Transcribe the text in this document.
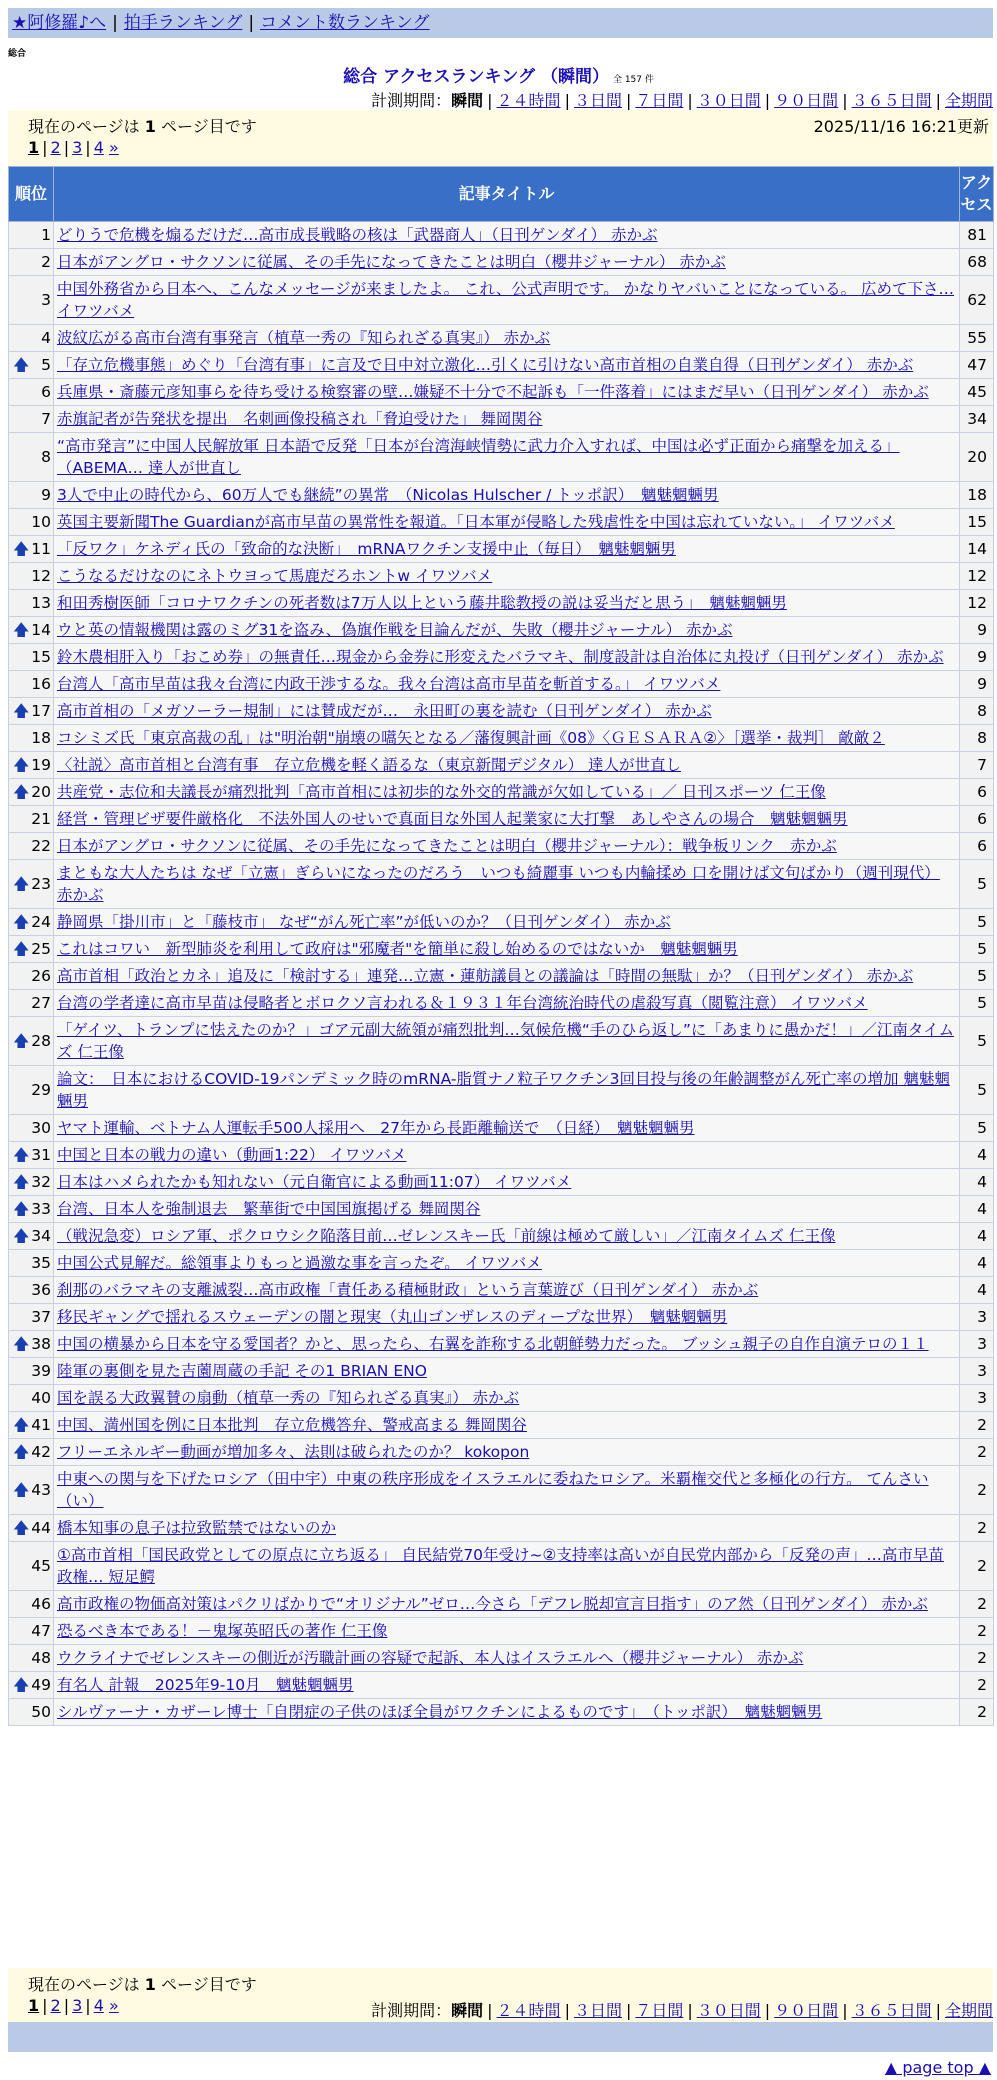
★阿修羅♪へ | 拍手ランキング | コメント数ランキング
総合
総合 アクセスランキング （瞬間） 全 157 件
計測期間：瞬間 | ２４時間 | ３日間 | ７日間 | ３０日間 | ９０日間 | ３６５日間 | 全期間
現在のページは 1 ページ目です	2025/11/16 16:21更新
1 | 2 | 3 | 4 »
順位	記事タイトル	アクセス
1	どりうで危機を煽るだけだ…高市成長戦略の核は「武器商人」（日刊ゲンダイ） 赤かぶ	81
2	日本がアングロ・サクソンに従属、その手先になってきたことは明白（櫻井ジャーナル） 赤かぶ	68
3	中国外務省から日本へ、こんなメッセージが来ましたよ。 これ、公式声明です。 かなりヤバいことになっている。 広めて下さ… イワツバメ	62
4	波紋広がる高市台湾有事発言（植草一秀の『知られざる真実』） 赤かぶ	55

🡅 5	「存立危機事態」めぐり「台湾有事」に言及で日中対立激化…引くに引けない高市首相の自業自得（日刊ゲンダイ） 赤かぶ	47
6	兵庫県・斎藤元彦知事らを待ち受ける検察審の壁…嫌疑不十分で不起訴も「一件落着」にはまだ早い（日刊ゲンダイ） 赤かぶ	45
7	赤旗記者が告発状を提出　名刺画像投稿され「脅迫受けた」 舞岡関谷	34
8	“高市発言”に中国人民解放軍 日本語で反発「日本が台湾海峡情勢に武力介入すれば、中国は必ず正面から痛撃を加える」（ABEMA… 達人が世直し	20
9	3人で中止の時代から、60万人でも継続”の異常　（Nicolas Hulscher / トッポ訳）　魑魅魍魎男	18
10	英国主要新聞The Guardianが高市早苗の異常性を報道。「日本軍が侵略した残虐性を中国は忘れていない。」 イワツバメ	15

🡅 11	「反ワク」ケネディ氏の「致命的な決断」　mRNAワクチン支援中止（毎日）　魑魅魍魎男	14
12	こうなるだけなのにネトウヨって馬鹿だろホントw イワツバメ	12
13	和田秀樹医師「コロナワクチンの死者数は7万人以上という藤井聡教授の説は妥当だと思う」　魑魅魍魎男	12

🡅 14	ウと英の情報機関は露のミグ31を盗み、偽旗作戦を目論んだが、失敗（櫻井ジャーナル） 赤かぶ	9
15	鈴木農相肝入り「おこめ券」の無責任…現金から金券に形変えたバラマキ、制度設計は自治体に丸投げ（日刊ゲンダイ） 赤かぶ	9
16	台湾人「高市早苗は我々台湾に内政干渉するな。我々台湾は高市早苗を斬首する。」 イワツバメ	9

🡅 17	高市首相の「メガソーラー規制」には賛成だが…　永田町の裏を読む（日刊ゲンダイ） 赤かぶ	8
18	コシミズ氏「東京高裁の乱」は"明治朝"崩壊の嚆矢となる／藩復興計画《08》〈ＧＥＳＡＲＡ②〉［選挙・裁判］ 敵敵２	8

🡅 19	〈社説〉高市首相と台湾有事　存立危機を軽く語るな（東京新聞デジタル） 達人が世直し	7

🡅 20	共産党・志位和夫議長が痛烈批判「高市首相には初歩的な外交的常識が欠如している」／ 日刊スポーツ 仁王像	6
21	経営・管理ビザ要件厳格化　不法外国人のせいで真面目な外国人起業家に大打撃　あしやさんの場合　魑魅魍魎男	6
22	日本がアングロ・サクソンに従属、その手先になってきたことは明白（櫻井ジャーナル）：戦争板リンク　赤かぶ	6

🡅 23	まともな大人たちは なぜ「立憲」ぎらいになったのだろう　いつも綺麗事 いつも内輪揉め 口を開けば文句ばかり（週刊現代） 赤かぶ	5

🡅 24	静岡県「掛川市」と「藤枝市」 なぜ“がん死亡率”が低いのか？（日刊ゲンダイ） 赤かぶ	5

🡅 25	これはコワい　新型肺炎を利用して政府は"邪魔者"を簡単に殺し始めるのではないか　魑魅魍魎男	5
26	高市首相「政治とカネ」追及に「検討する」連発…立憲・蓮舫議員との議論は「時間の無駄」か？（日刊ゲンダイ） 赤かぶ	5
27	台湾の学者達に高市早苗は侵略者とボロクソ言われる＆１９３１年台湾統治時代の虐殺写真（閲覧注意） イワツバメ	5

🡅 28	「ゲイツ、トランプに怯えたのか？」ゴア元副大統領が痛烈批判…気候危機“手のひら返し”に「あまりに愚かだ！」／江南タイムズ 仁王像	5
29	論文：　日本におけるCOVID-19パンデミック時のmRNA-脂質ナノ粒子ワクチン3回目投与後の年齢調整がん死亡率の増加 魑魅魍魎男	5
30	ヤマト運輸、ベトナム人運転手500人採用へ　27年から長距離輸送で　（日経）　魑魅魍魎男	5

🡅 31	中国と日本の戦力の違い（動画1:22） イワツバメ	4

🡅 32	日本はハメられたかも知れない（元自衛官による動画11:07） イワツバメ	4

🡅 33	台湾、日本人を強制退去　繁華街で中国国旗掲げる 舞岡関谷	4

🡅 34	（戦況急変）ロシア軍、ポクロウシク陥落目前…ゼレンスキー氏「前線は極めて厳しい」／江南タイムズ 仁王像	4
35	中国公式見解だ。総領事よりもっと過激な事を言ったぞ。 イワツバメ	4
36	刹那のバラマキの支離滅裂…高市政権「責任ある積極財政」という言葉遊び（日刊ゲンダイ） 赤かぶ	4
37	移民ギャングで揺れるスウェーデンの闇と現実（丸山ゴンザレスのディープな世界）　魑魅魍魎男	3

🡅 38	中国の横暴から日本を守る愛国者？かと、思ったら、右翼を詐称する北朝鮮勢力だった。 ブッシュ親子の自作自演テロの１１	3
39	陸軍の裏側を見た吉薗周蔵の手記 その1 BRIAN ENO	3
40	国を誤る大政翼賛の扇動（植草一秀の『知られざる真実』） 赤かぶ	3

🡅 41	中国、満州国を例に日本批判　存立危機答弁、警戒高まる 舞岡関谷	2

🡅 42	フリーエネルギー動画が増加多々、法則は破られたのか？ kokopon	2

🡅 43	中東への関与を下げたロシア（田中宇）中東の秩序形成をイスラエルに委ねたロシア。米覇権交代と多極化の行方。 てんさい（い）	2

🡅 44	橋本知事の息子は拉致監禁ではないのか	2
45	①高市首相「国民政党としての原点に立ち返る」 自民結党70年受け~②支持率は高いが自民党内部から「反発の声」…高市早苗政権… 短足鰐	2
46	高市政権の物価高対策はパクリばかりで“オリジナル”ゼロ…今さら「デフレ脱却宣言目指す」のア然（日刊ゲンダイ） 赤かぶ	2
47	恐るべき本である！－鬼塚英昭氏の著作 仁王像	2
48	ウクライナでゼレンスキーの側近が汚職計画の容疑で起訴、本人はイスラエルへ（櫻井ジャーナル） 赤かぶ	2

🡅 49	有名人 計報　2025年9-10月　魑魅魍魎男	2
50	シルヴァーナ・カザーレ博士「自閉症の子供のほぼ全員がワクチンによるものです」　（トッポ訳）　魑魅魍魎男	2
現在のページは 1 ページ目です
1 | 2 | 3 | 4 »	計測期間：瞬間 | ２４時間 | ３日間 | ７日間 | ３０日間 | ９０日間 | ３６５日間 | 全期間
▲ page top ▲
